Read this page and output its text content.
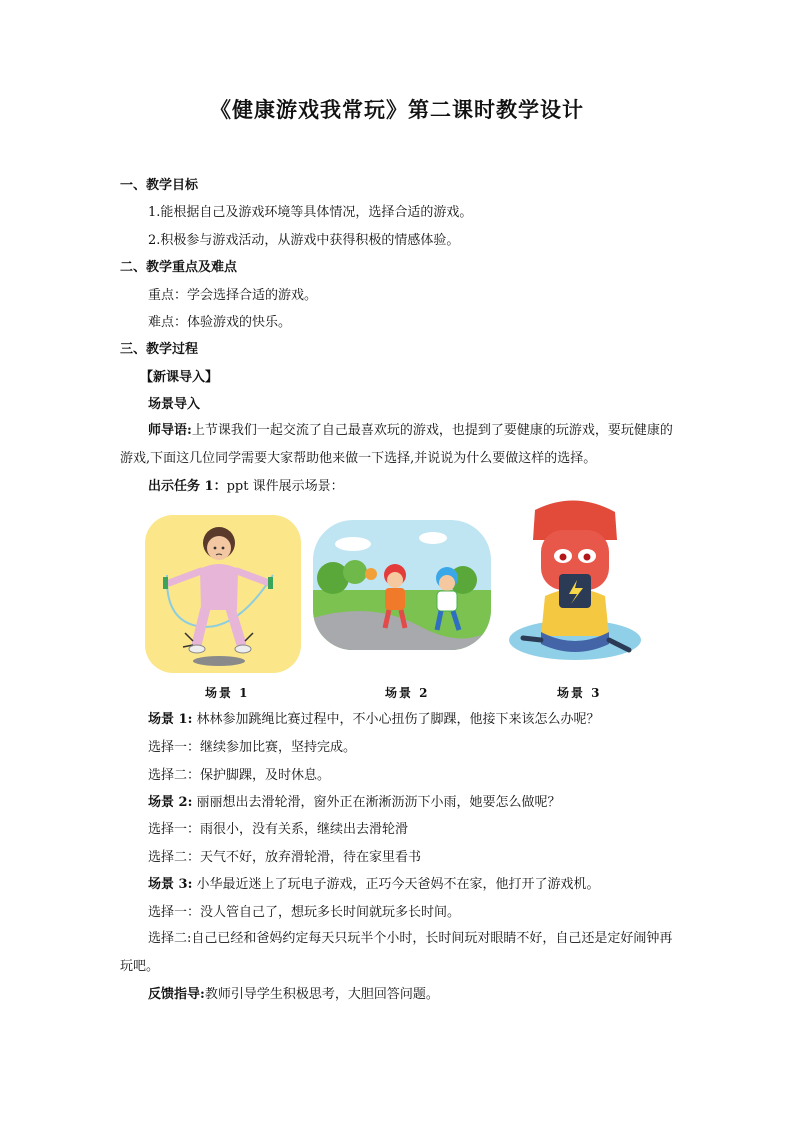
《健康游戏我常玩》第二课时教学设计
一、教学目标
1.能根据自己及游戏环境等具体情况，选择合适的游戏。
2.积极参与游戏活动，从游戏中获得积极的情感体验。
二、教学重点及难点
重点：学会选择合适的游戏。
难点：体验游戏的快乐。
三、教学过程
【新课导入】
场景导入
师导语:上节课我们一起交流了自己最喜欢玩的游戏，也提到了要健康的玩游戏，要玩健康的游戏,下面这几位同学需要大家帮助他来做一下选择,并说说为什么要做这样的选择。
出示任务 1：ppt 课件展示场景：
场景 1	场景 2	场景 3
场景 1: 林林参加跳绳比赛过程中，不小心扭伤了脚踝，他接下来该怎么办呢？
选择一：继续参加比赛，坚持完成。
选择二：保护脚踝，及时休息。
场景 2: 丽丽想出去滑轮滑，窗外正在淅淅沥沥下小雨，她要怎么做呢？
选择一：雨很小，没有关系，继续出去滑轮滑
选择二：天气不好，放弃滑轮滑，待在家里看书
场景 3: 小华最近迷上了玩电子游戏，正巧今天爸妈不在家，他打开了游戏机。
选择一：没人管自己了，想玩多长时间就玩多长时间。
选择二:自己已经和爸妈约定每天只玩半个小时，长时间玩对眼睛不好，自己还是定好闹钟再玩吧。
反馈指导:教师引导学生积极思考，大胆回答问题。
